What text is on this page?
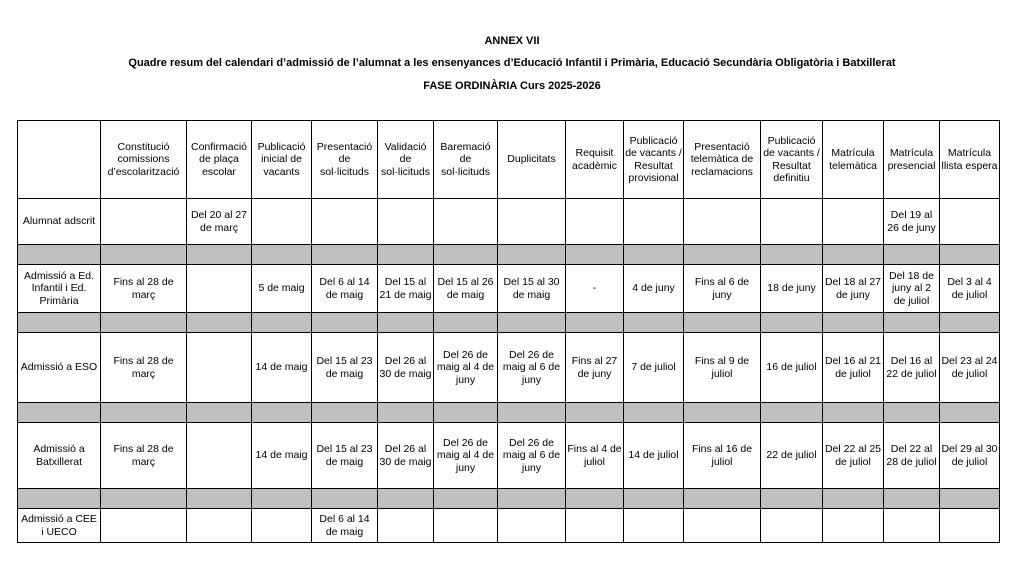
ANNEX VII
Quadre resum del calendari d’admissió de l’alumnat a les ensenyances d’Educació Infantil i Primària, Educació Secundària Obligatòria i Batxillerat
FASE ORDINÀRIA Curs 2025-2026
	Constitució comissions d’escolarització	Confirmació de plaça escolar	Publicació inicial de vacants	Presentació de sol·licituds	Validació de sol·licituds	Baremació de sol·licituds	Duplicitats	Requisit acadèmic	Publicació de vacants / Resultat provisional	Presentació telemàtica de reclamacions	Publicació de vacants / Resultat definitiu	Matrícula telemàtica	Matrícula presencial	Matrícula llista espera
Alumnat adscrit		Del 20 al 27 de març											Del 19 al 26 de juny	

Admissió a Ed. Infantil i Ed. Primària	Fins al 28 de març		5 de maig	Del 6 al 14 de maig	Del 15 al 21 de maig	Del 15 al 26 de maig	Del 15 al 30 de maig	-	4 de juny	Fins al 6 de juny	18 de juny	Del 18 al 27 de juny	Del 18 de juny al 2 de juliol	Del 3 al 4 de juliol

Admissió a ESO	Fins al 28 de març		14 de maig	Del 15 al 23 de maig	Del 26 al 30 de maig	Del 26 de maig al 4 de juny	Del 26 de maig al 6 de juny	Fins al 27 de juny	7 de juliol	Fins al 9 de juliol	16 de juliol	Del 16 al 21 de juliol	Del 16 al 22 de juliol	Del 23 al 24 de juliol

Admissió a Batxillerat	Fins al 28 de març		14 de maig	Del 15 al 23 de maig	Del 26 al 30 de maig	Del 26 de maig al 4 de juny	Del 26 de maig al 6 de juny	Fins al 4 de juliol	14 de juliol	Fins al 16 de juliol	22 de juliol	Del 22 al 25 de juliol	Del 22 al 28 de juliol	Del 29 al 30 de juliol

Admissió a CEE i UECO				Del 6 al 14 de maig										
